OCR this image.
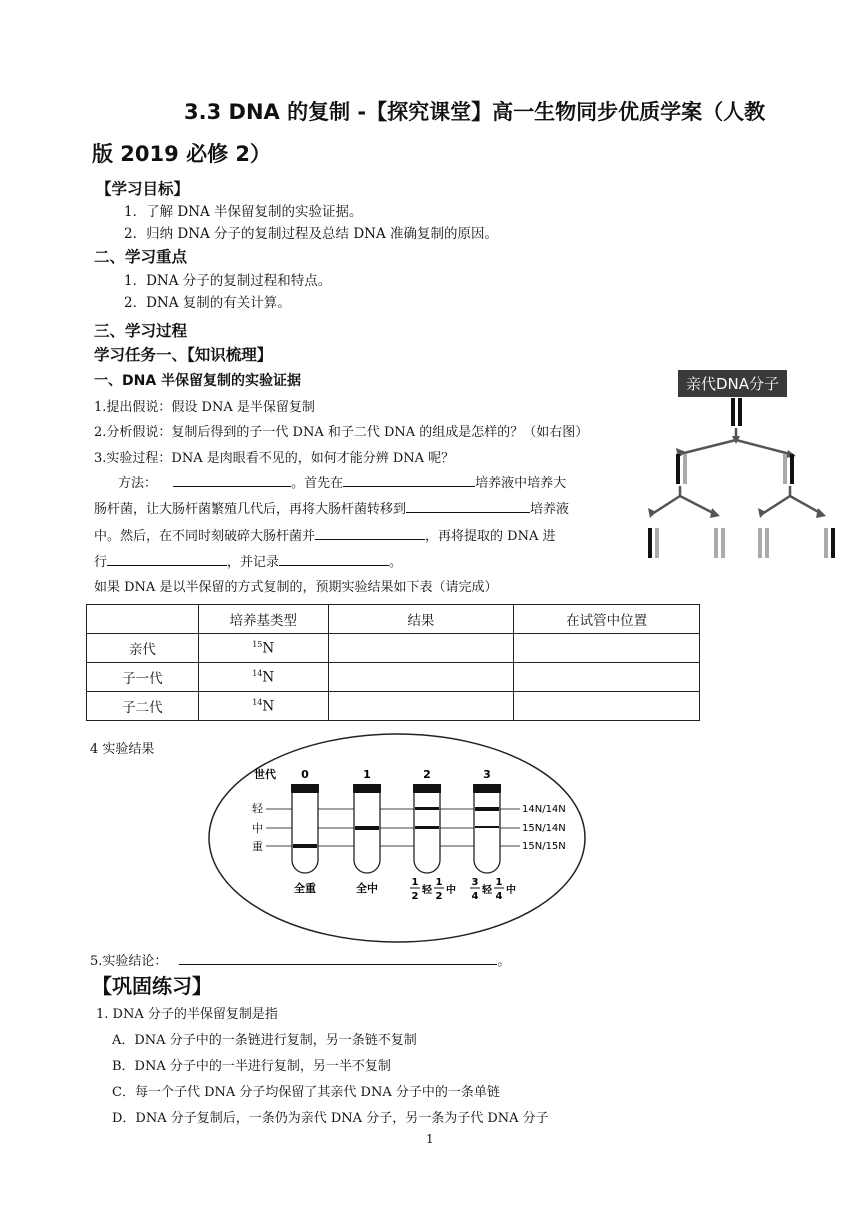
3.3 DNA 的复制 -【探究课堂】高一生物同步优质学案（人教
版 2019 必修 2）
【学习目标】
1．了解 DNA 半保留复制的实验证据。
2．归纳 DNA 分子的复制过程及总结 DNA 准确复制的原因。
二、学习重点
1．DNA 分子的复制过程和特点。
2．DNA 复制的有关计算。
三、学习过程
学习任务一、【知识梳理】
一、DNA 半保留复制的实验证据
1.提出假说：假设 DNA 是半保留复制
2.分析假说：复制后得到的子一代 DNA 和子二代 DNA 的组成是怎样的？（如右图）
3.实验过程：DNA 是肉眼看不见的，如何才能分辨 DNA 呢？
方法：	。首先在	培养液中培养大
肠杆菌，让大肠杆菌繁殖几代后，再将大肠杆菌转移到	培养液
中。然后，在不同时刻破碎大肠杆菌并	，再将提取的 DNA 进
行	，并记录	。
如果 DNA 是以半保留的方式复制的，预期实验结果如下表（请完成）
	培养基类型	结果	在试管中位置
亲代	$^{15}$N		
子一代	$^{14}$N		
子二代	$^{14}$N		
4 实验结果
亲代DNA分子
世代 0	1	2	3
轻
中
重
14N/14N
15N/14N
15N/15N
全重	全中	1
2
轻
1
2
中
3
4
轻
1
4
中
5.实验结论：	。
【巩固练习】
1. DNA 分子的半保留复制是指
A．DNA 分子中的一条链进行复制，另一条链不复制
B．DNA 分子中的一半进行复制，另一半不复制
C．每一个子代 DNA 分子均保留了其亲代 DNA 分子中的一条单链
D．DNA 分子复制后，一条仍为亲代 DNA 分子，另一条为子代 DNA 分子
1
